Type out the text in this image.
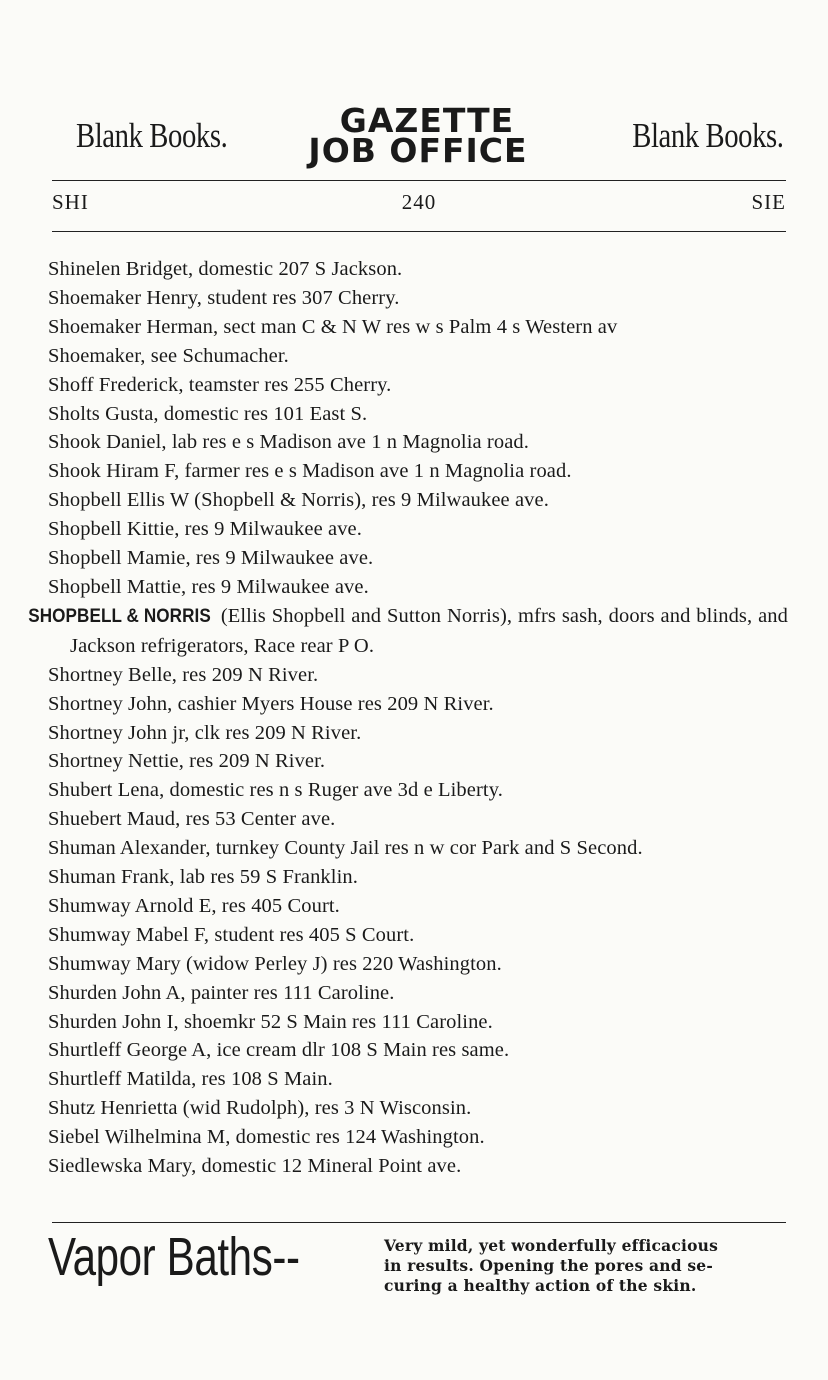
Blank Books.	GAZETTE
JOB OFFICE	Blank Books.
SHI	240	SIE
Shinelen Bridget, domestic 207 S Jackson.
Shoemaker Henry, student res 307 Cherry.
Shoemaker Herman, sect man C & N W res w s Palm 4 s Western av
Shoemaker, see Schumacher.
Shoff Frederick, teamster res 255 Cherry.
Sholts Gusta, domestic res 101 East S.
Shook Daniel, lab res e s Madison ave 1 n Magnolia road.
Shook Hiram F, farmer res e s Madison ave 1 n Magnolia road.
Shopbell Ellis W (Shopbell & Norris), res 9 Milwaukee ave.
Shopbell Kittie, res 9 Milwaukee ave.
Shopbell Mamie, res 9 Milwaukee ave.
Shopbell Mattie, res 9 Milwaukee ave.
SHOPBELL & NORRIS (Ellis Shopbell and Sutton Norris), mfrs sash, doors and blinds, and Jackson refrigerators, Race rear P O.
Shortney Belle, res 209 N River.
Shortney John, cashier Myers House res 209 N River.
Shortney John jr, clk res 209 N River.
Shortney Nettie, res 209 N River.
Shubert Lena, domestic res n s Ruger ave 3d e Liberty.
Shuebert Maud, res 53 Center ave.
Shuman Alexander, turnkey County Jail res n w cor Park and S Second.
Shuman Frank, lab res 59 S Franklin.
Shumway Arnold E, res 405 Court.
Shumway Mabel F, student res 405 S Court.
Shumway Mary (widow Perley J) res 220 Washington.
Shurden John A, painter res 111 Caroline.
Shurden John I, shoemkr 52 S Main res 111 Caroline.
Shurtleff George A, ice cream dlr 108 S Main res same.
Shurtleff Matilda, res 108 S Main.
Shutz Henrietta (wid Rudolph), res 3 N Wisconsin.
Siebel Wilhelmina M, domestic res 124 Washington.
Siedlewska Mary, domestic 12 Mineral Point ave.
Vapor Baths--	Very mild, yet wonderfully efficacious
in results. Opening the pores and se-
curing a healthy action of the skin.
